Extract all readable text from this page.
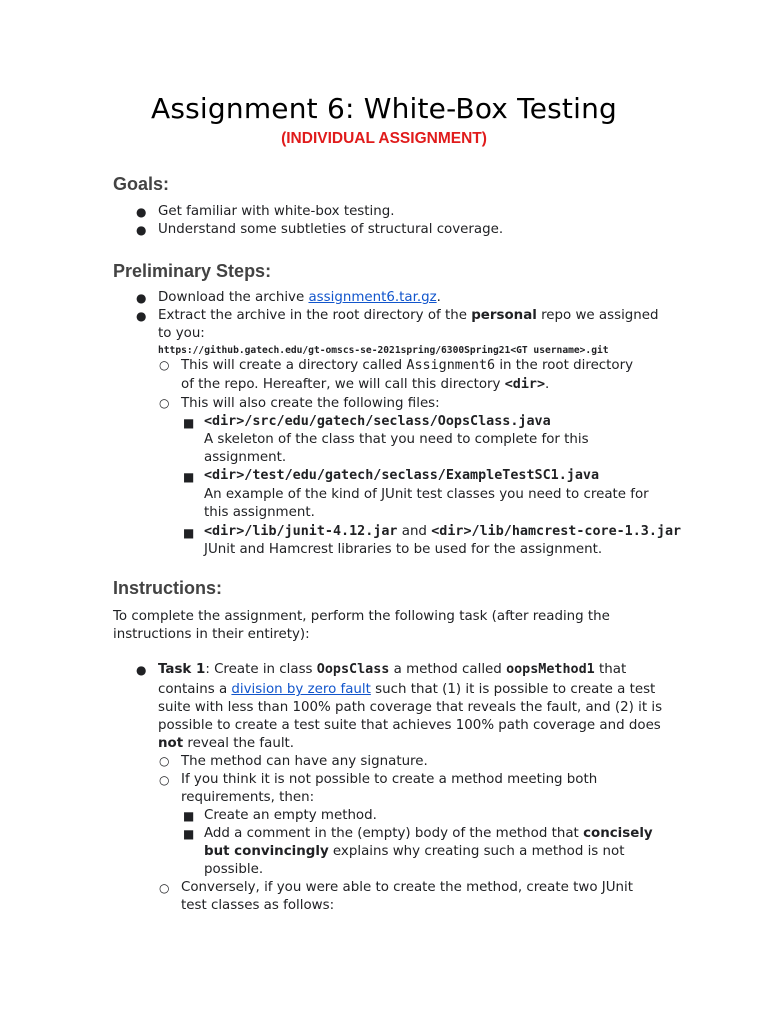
Assignment 6: White-Box Testing
(INDIVIDUAL ASSIGNMENT)
Goals:
● Get familiar with white-box testing.
● Understand some subtleties of structural coverage.
Preliminary Steps:
● Download the archive assignment6.tar.gz.
● Extract the archive in the root directory of the personal repo we assigned
to you:
https://github.gatech.edu/gt-omscs-se-2021spring/6300Spring21<GT username>.git
○ This will create a directory called Assignment6 in the root directory
of the repo. Hereafter, we will call this directory <dir>.
○ This will also create the following files:
■ <dir>/src/edu/gatech/seclass/OopsClass.java
A skeleton of the class that you need to complete for this
assignment.
■ <dir>/test/edu/gatech/seclass/ExampleTestSC1.java
An example of the kind of JUnit test classes you need to create for
this assignment.
■ <dir>/lib/junit-4.12.jar and <dir>/lib/hamcrest-core-1.3.jar
JUnit and Hamcrest libraries to be used for the assignment.
Instructions:
To complete the assignment, perform the following task (after reading the
instructions in their entirety):
● Task 1: Create in class OopsClass a method called oopsMethod1 that
contains a division by zero fault such that (1) it is possible to create a test
suite with less than 100% path coverage that reveals the fault, and (2) it is
possible to create a test suite that achieves 100% path coverage and does
not reveal the fault.
○ The method can have any signature.
○ If you think it is not possible to create a method meeting both
requirements, then:
■ Create an empty method.
■ Add a comment in the (empty) body of the method that concisely
but convincingly explains why creating such a method is not
possible.
○ Conversely, if you were able to create the method, create two JUnit
test classes as follows:
